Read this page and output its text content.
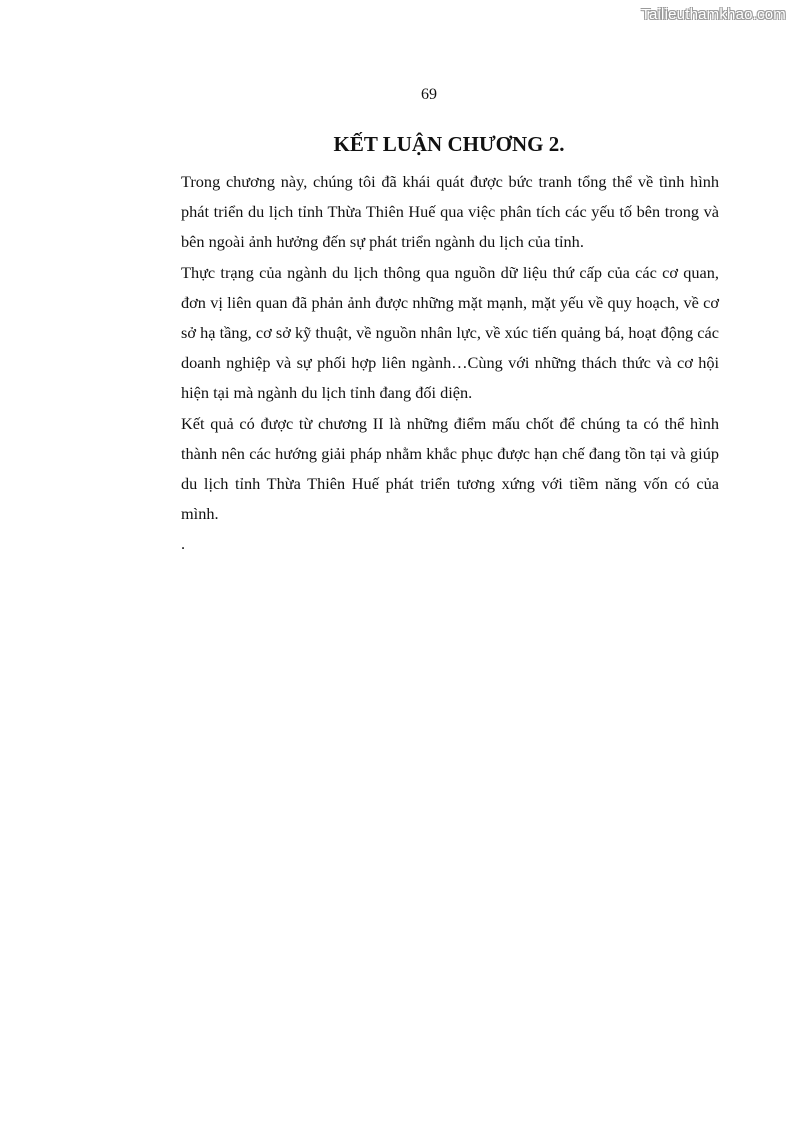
Tailieuthamkhao.com
69
KẾT LUẬN CHƯƠNG 2.

Trong chương này, chúng tôi đã khái quát được bức tranh tổng thể về tình hình phát triển du lịch tỉnh Thừa Thiên Huế qua việc phân tích các yếu tố bên trong và bên ngoài ảnh hưởng đến sự phát triển ngành du lịch của tỉnh.

Thực trạng của ngành du lịch thông qua nguồn dữ liệu thứ cấp của các cơ quan, đơn vị liên quan đã phản ảnh được những mặt mạnh, mặt yếu về quy hoạch, về cơ sở hạ tầng, cơ sở kỹ thuật, về nguồn nhân lực, về xúc tiến quảng bá, hoạt động các doanh nghiệp và sự phối hợp liên ngành…Cùng với những thách thức và cơ hội hiện tại mà ngành du lịch tỉnh đang đối diện.

Kết quả có được từ chương II là những điểm mấu chốt để chúng ta có thể hình thành nên các hướng giải pháp nhằm khắc phục được hạn chế đang tồn tại và giúp du lịch tỉnh Thừa Thiên Huế phát triển tương xứng với tiềm năng vốn có của mình.

.
